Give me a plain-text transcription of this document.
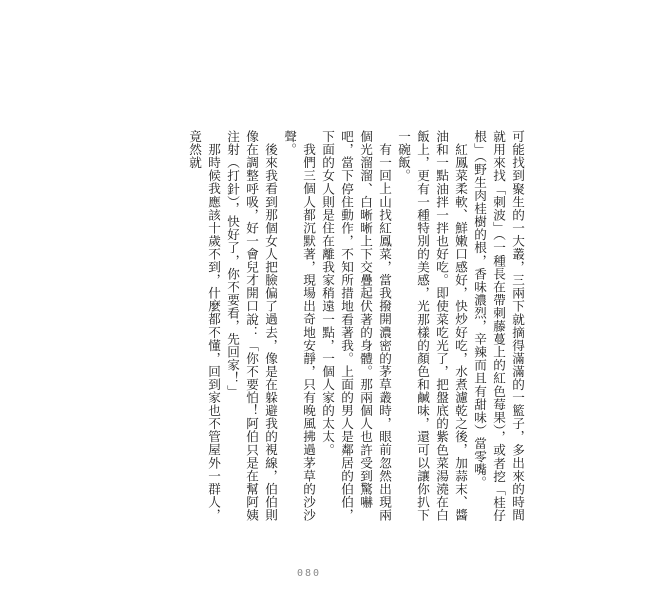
可能找到聚生的一大叢，三兩下就摘得滿滿的一籃子，多出來的時間就用來找「刺波」（一種長在帶刺藤蔓上的紅色莓果），或者挖「桂仔根」（野生肉桂樹的根，香味濃烈，辛辣而且有甜味）當零嘴。

紅鳳菜柔軟、鮮嫩口感好，快炒好吃，水煮濾乾之後，加蒜末、醬油和一點油拌一拌也好吃。即使菜吃光了，把盤底的紫色菜湯澆在白飯上，更有一種特別的美感，光那樣的顏色和鹹味，還可以讓你扒下一碗飯。

有一回上山找紅鳳菜，當我撥開濃密的茅草叢時，眼前忽然出現兩個光溜溜、白晰晰上下交疊起伏著的身體。那兩個人也許受到驚嚇吧，當下停住動作，不知所措地看著我。上面的男人是鄰居的伯伯，下面的女人則是住在離我家稍遠一點，一個人家的太太。

我們三個人都沉默著，現場出奇地安靜，只有晚風拂過茅草的沙沙聲。

後來我看到那個女人把臉偏了過去，像是在躲避我的視線，伯伯則像在調整呼吸，好一會兒才開口說：「你不要怕！阿伯只是在幫阿姨注射（打針），快好了，你不要看，先回家！」

那時候我應該十歲不到，什麼都不懂，回到家也不管屋外一群人，竟然就

080
